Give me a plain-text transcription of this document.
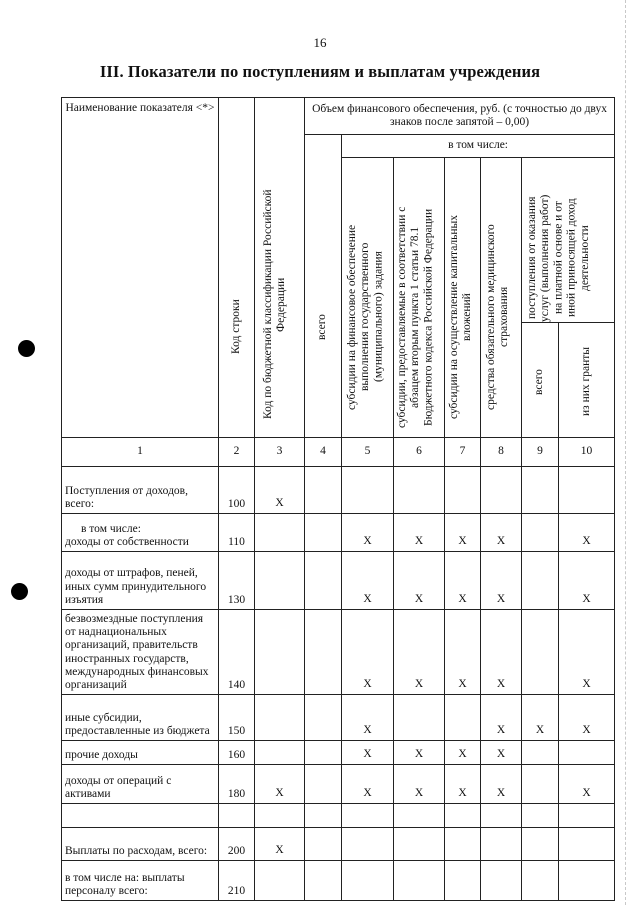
16
III. Показатели по поступлениям и выплатам учреждения
Наименование показателя <*>	Код строки	Код по бюджетной классификации Российской Федерации	Объем финансового обеспечения, руб. (с точностью до двух знаков после запятой – 0,00)						

			всего	в том числе:					

				субсидии на финансовое обеспечение выполнения государственного (муниципального) задания	субсидии, предоставляемые в соответствии с абзацем вторым пункта 1 статьи 78.1 Бюджетного кодекса Российской Федерации	субсидии на осуществление капитальных вложений	средства обязательного медицинского страхования	поступления от оказания услуг (выполнения работ) на платной основе и от иной приносящей доход деятельности	

								всего	из них гранты

1	2	3	4	5	6	7	8	9	10
Поступления от доходов, всего:	100	X							

в том числе:
доходы от собственности	110			X	X	X	X		X
доходы от штрафов, пеней, иных сумм принудительного изъятия	130			X	X	X	X		X
безвозмездные поступления от наднациональных организаций, правительств иностранных государств, международных финансовых организаций	140			X	X	X	X		X
иные субсидии, предоставленные из бюджета	150			X			X	X	X
прочие доходы	160			X	X	X	X		
доходы от операций с активами	180	X		X	X	X	X		X

Выплаты по расходам, всего:	200	X							
в том числе на: выплаты персоналу всего:	210								
